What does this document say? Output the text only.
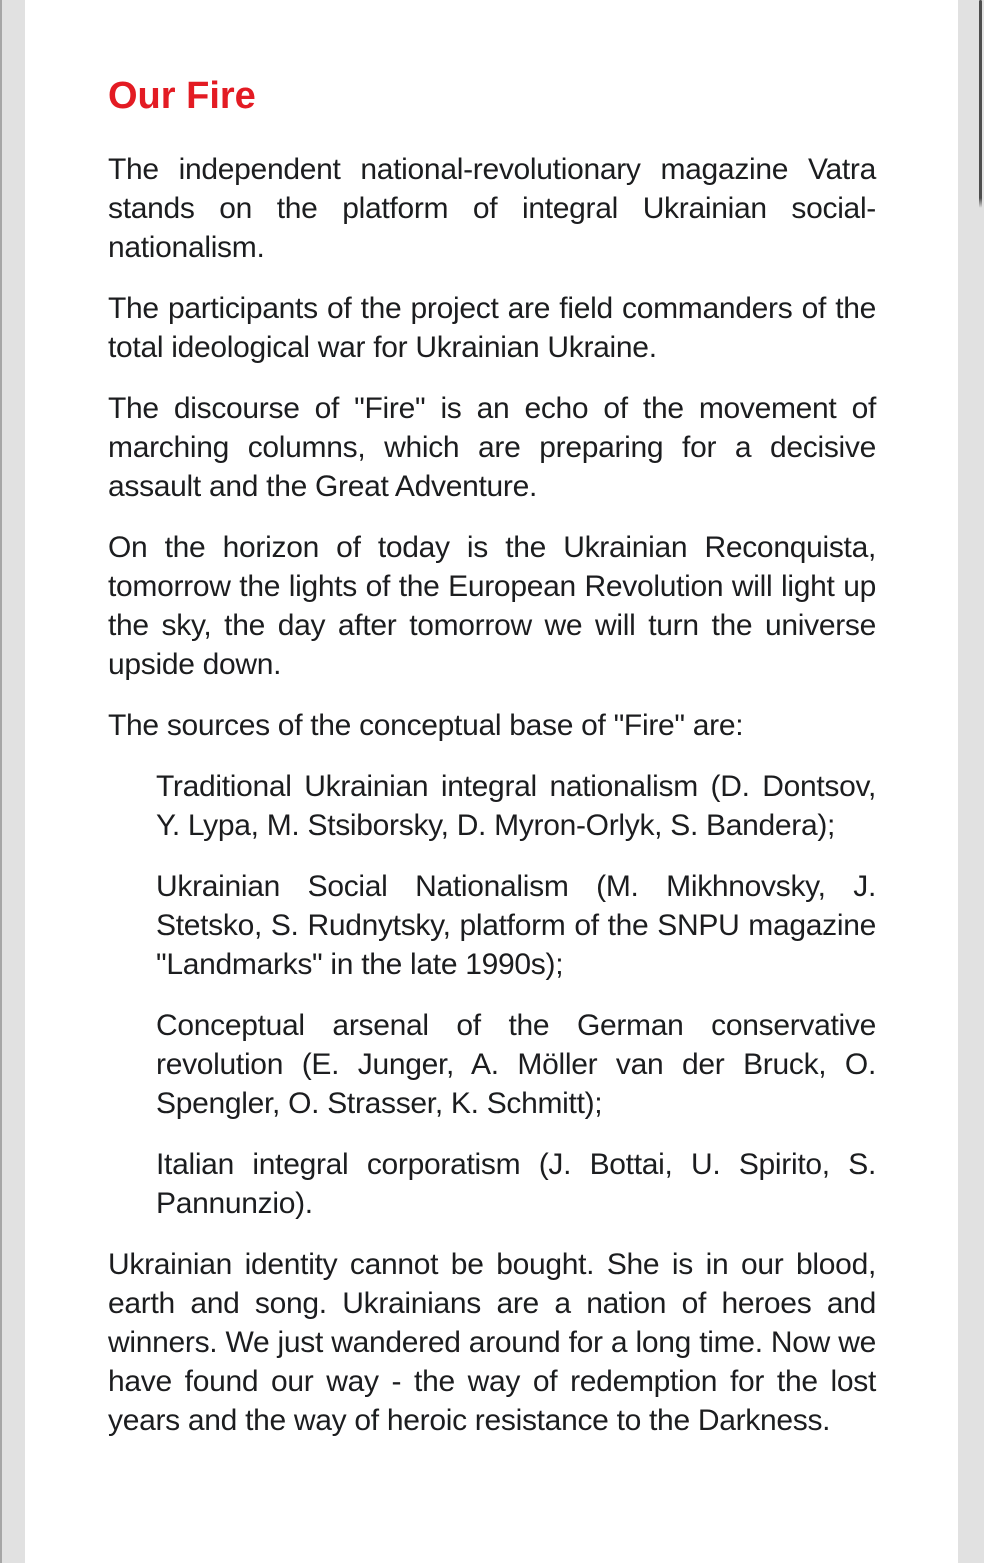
Our Fire

The independent national-revolutionary magazine Vatra stands on the platform of integral Ukrainian social-nationalism.

The participants of the project are field commanders of the total ideological war for Ukrainian Ukraine.

The discourse of "Fire" is an echo of the movement of marching columns, which are preparing for a decisive assault and the Great Adventure.

On the horizon of today is the Ukrainian Reconquista, tomorrow the lights of the European Revolution will light up the sky, the day after tomorrow we will turn the universe upside down.

The sources of the conceptual base of "Fire" are:

Traditional Ukrainian integral nationalism (D. Dontsov, Y. Lypa, M. Stsiborsky, D. Myron-Orlyk, S. Bandera);

Ukrainian Social Nationalism (M. Mikhnovsky, J. Stetsko, S. Rudnytsky, platform of the SNPU magazine "Landmarks" in the late 1990s);

Conceptual arsenal of the German conservative revolution (E. Junger, A. Möller van der Bruck, O. Spengler, O. Strasser, K. Schmitt);

Italian integral corporatism (J. Bottai, U. Spirito, S. Pannunzio).

Ukrainian identity cannot be bought. She is in our blood, earth and song. Ukrainians are a nation of heroes and winners. We just wandered around for a long time. Now we have found our way - the way of redemption for the lost years and the way of heroic resistance to the Darkness.
